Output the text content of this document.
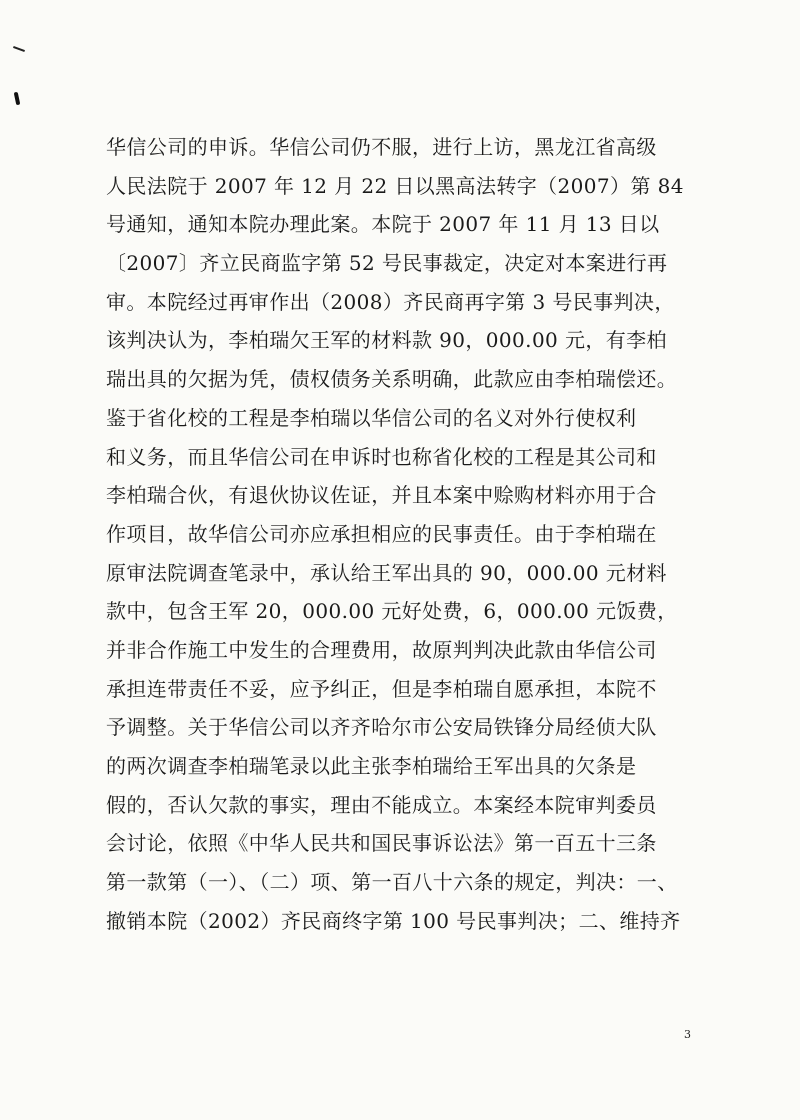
华信公司的申诉。华信公司仍不服，进行上访，黑龙江省高级
人民法院于 2007 年 12 月 22 日以黑高法转字（2007）第 84
号通知，通知本院办理此案。本院于 2007 年 11 月 13 日以
〔2007〕齐立民商监字第 52 号民事裁定，决定对本案进行再
审。本院经过再审作出（2008）齐民商再字第 3 号民事判决，
该判决认为，李柏瑞欠王军的材料款 90，000.00 元，有李柏
瑞出具的欠据为凭，债权债务关系明确，此款应由李柏瑞偿还。
鉴于省化校的工程是李柏瑞以华信公司的名义对外行使权利
和义务，而且华信公司在申诉时也称省化校的工程是其公司和
李柏瑞合伙，有退伙协议佐证，并且本案中赊购材料亦用于合
作项目，故华信公司亦应承担相应的民事责任。由于李柏瑞在
原审法院调查笔录中，承认给王军出具的 90，000.00 元材料
款中，包含王军 20，000.00 元好处费，6，000.00 元饭费，
并非合作施工中发生的合理费用，故原判判决此款由华信公司
承担连带责任不妥，应予纠正，但是李柏瑞自愿承担，本院不
予调整。关于华信公司以齐齐哈尔市公安局铁锋分局经侦大队
的两次调查李柏瑞笔录以此主张李柏瑞给王军出具的欠条是
假的，否认欠款的事实，理由不能成立。本案经本院审判委员
会讨论，依照《中华人民共和国民事诉讼法》第一百五十三条
第一款第（一）、（二）项、第一百八十六条的规定，判决：一、
撤销本院（2002）齐民商终字第 100 号民事判决；二、维持齐
3
